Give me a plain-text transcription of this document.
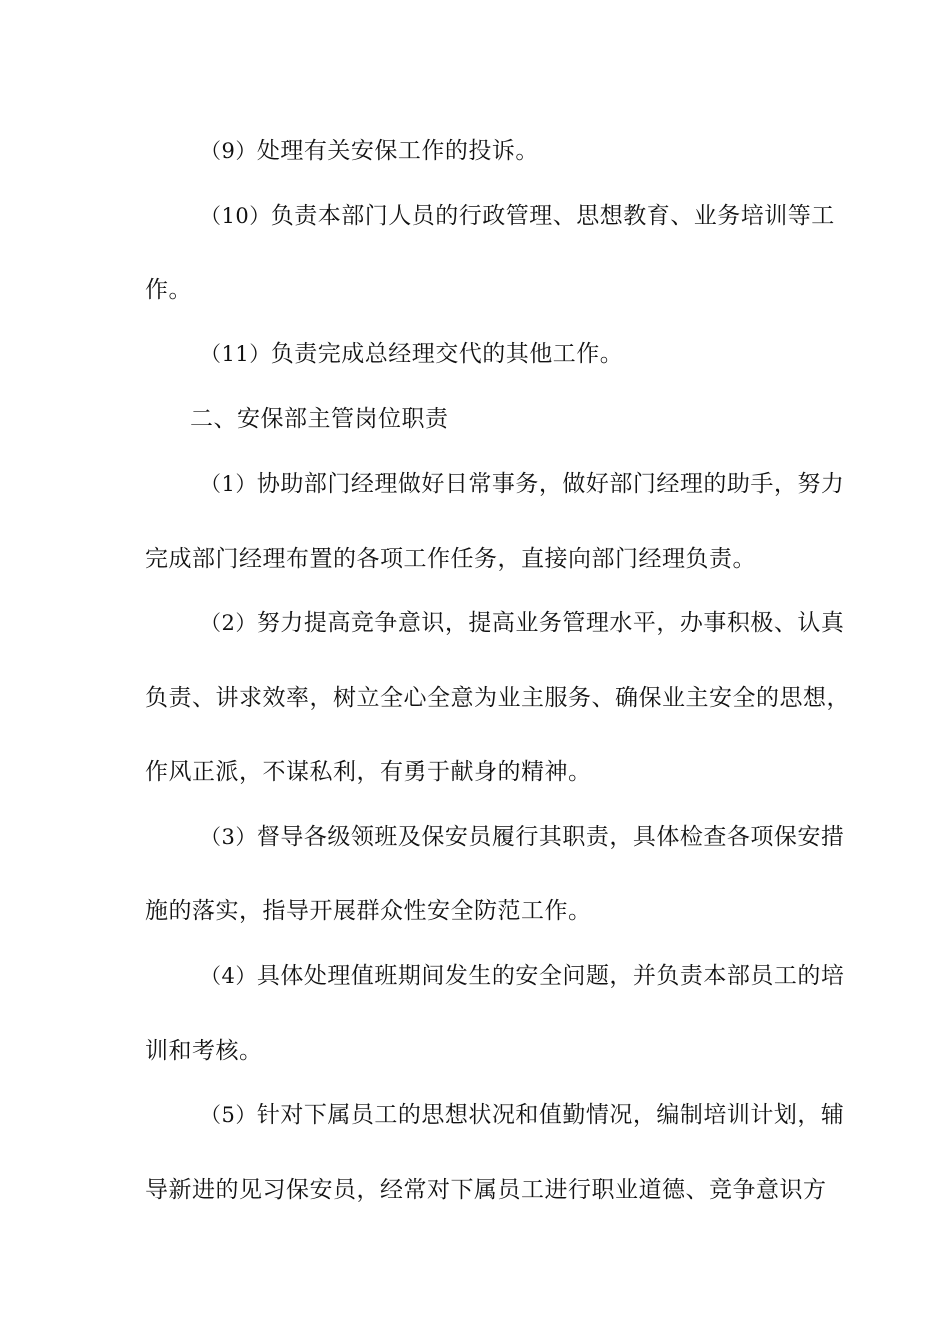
（9）处理有关安保工作的投诉。
（10）负责本部门人员的行政管理、思想教育、业务培训等工
作。
（11）负责完成总经理交代的其他工作。
二、安保部主管岗位职责
（1）协助部门经理做好日常事务，做好部门经理的助手，努力
完成部门经理布置的各项工作任务，直接向部门经理负责。
（2）努力提高竞争意识，提高业务管理水平，办事积极、认真
负责、讲求效率，树立全心全意为业主服务、确保业主安全的思想，
作风正派，不谋私利，有勇于献身的精神。
（3）督导各级领班及保安员履行其职责，具体检查各项保安措
施的落实，指导开展群众性安全防范工作。
（4）具体处理值班期间发生的安全问题，并负责本部员工的培
训和考核。
（5）针对下属员工的思想状况和值勤情况，编制培训计划，辅
导新进的见习保安员，经常对下属员工进行职业道德、竞争意识方
